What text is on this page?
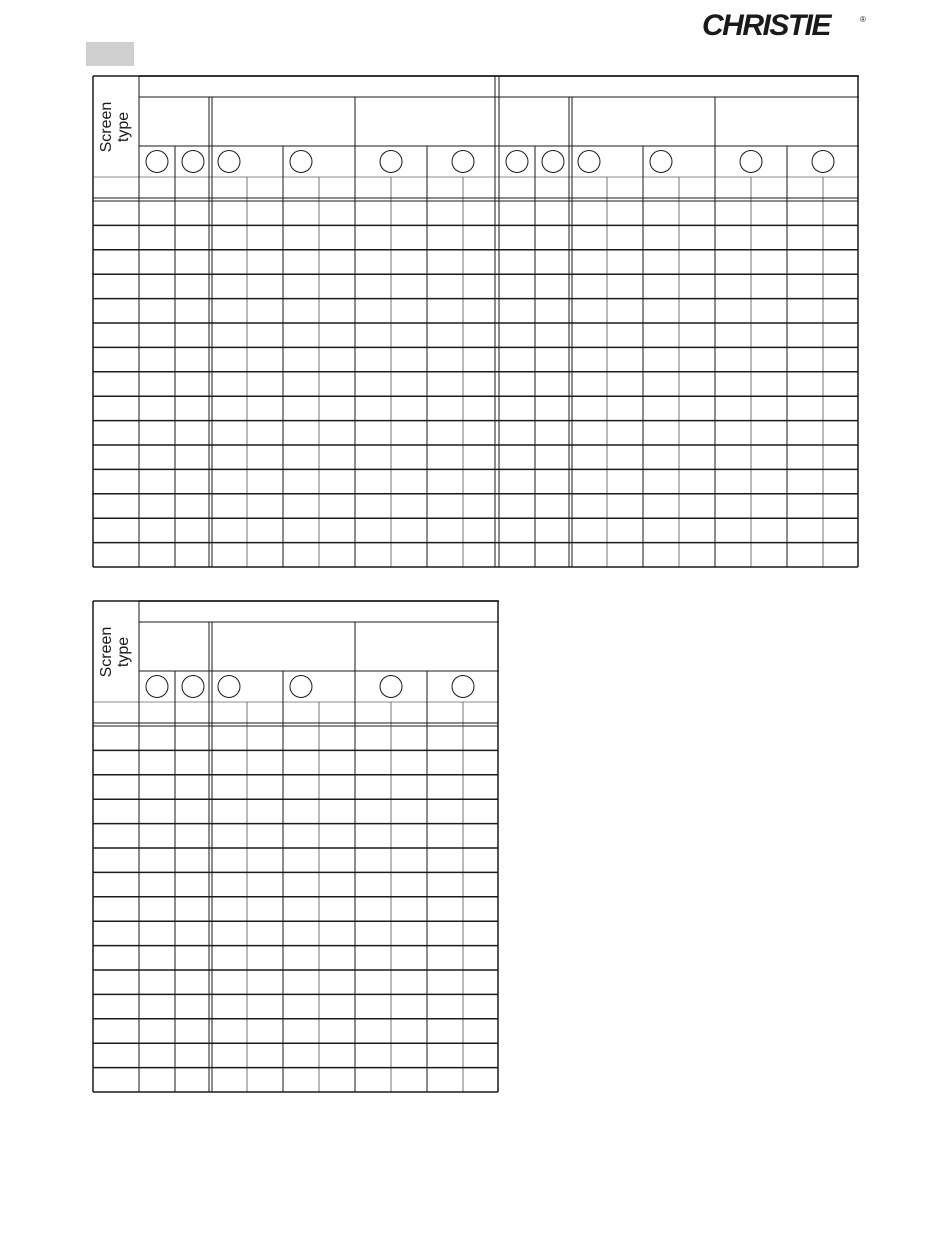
CHRISTIE	®
Screen type
Screen type
